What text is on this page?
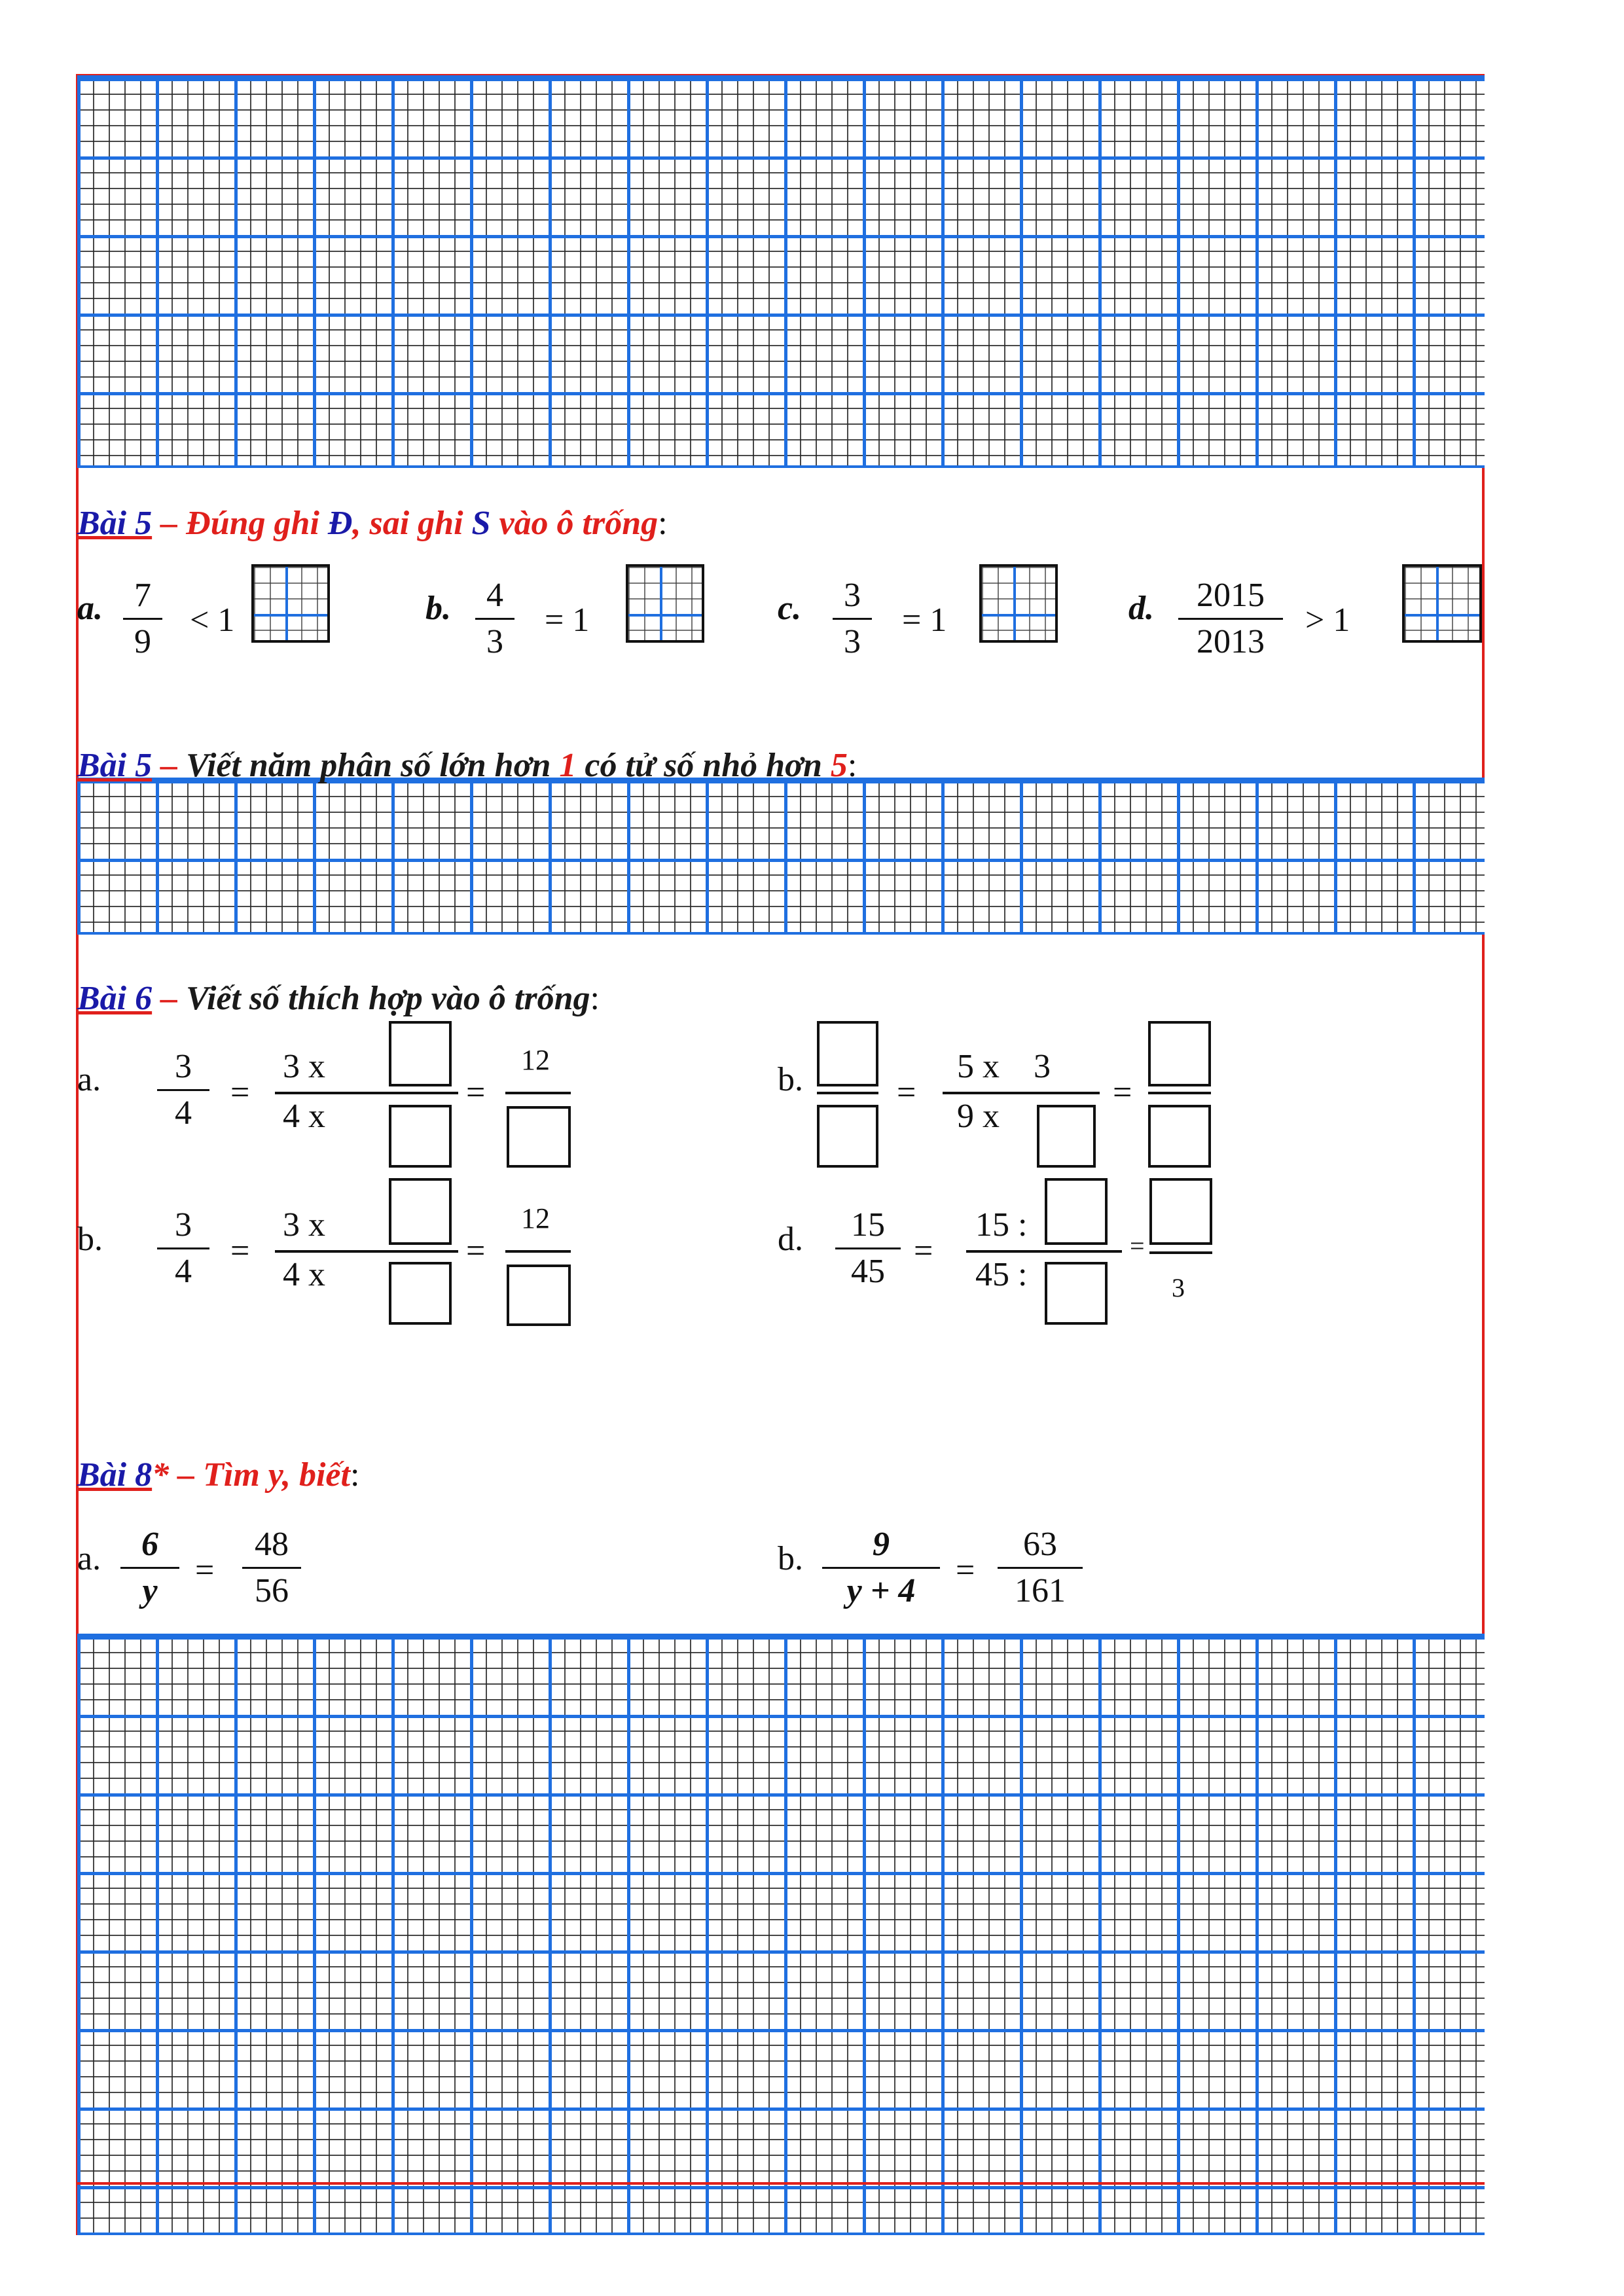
Bài 5 – Đúng ghi Đ, sai ghi S vào ô trống:
a. 7
9
< 1	b. 4
3
= 1	c. 3
3
= 1	d. 2015
2013
> 1
Bài 5 – Viết năm phân số lớn hơn 1 có tử số nhỏ hơn 5:
Bài 6 – Viết số thích hợp vào ô trống:
a. 3
4
=
3 x
4 x
=
12
b.	=
5 x    3
9 x
=
b. 3
4
=
3 x
4 x
=
12
d. 15
45
=
15 :
45 :
=
3
Bài 8* – Tìm y, biết:
a. 6
y
=
48
56
b. 9
y + 4
=
63
161
